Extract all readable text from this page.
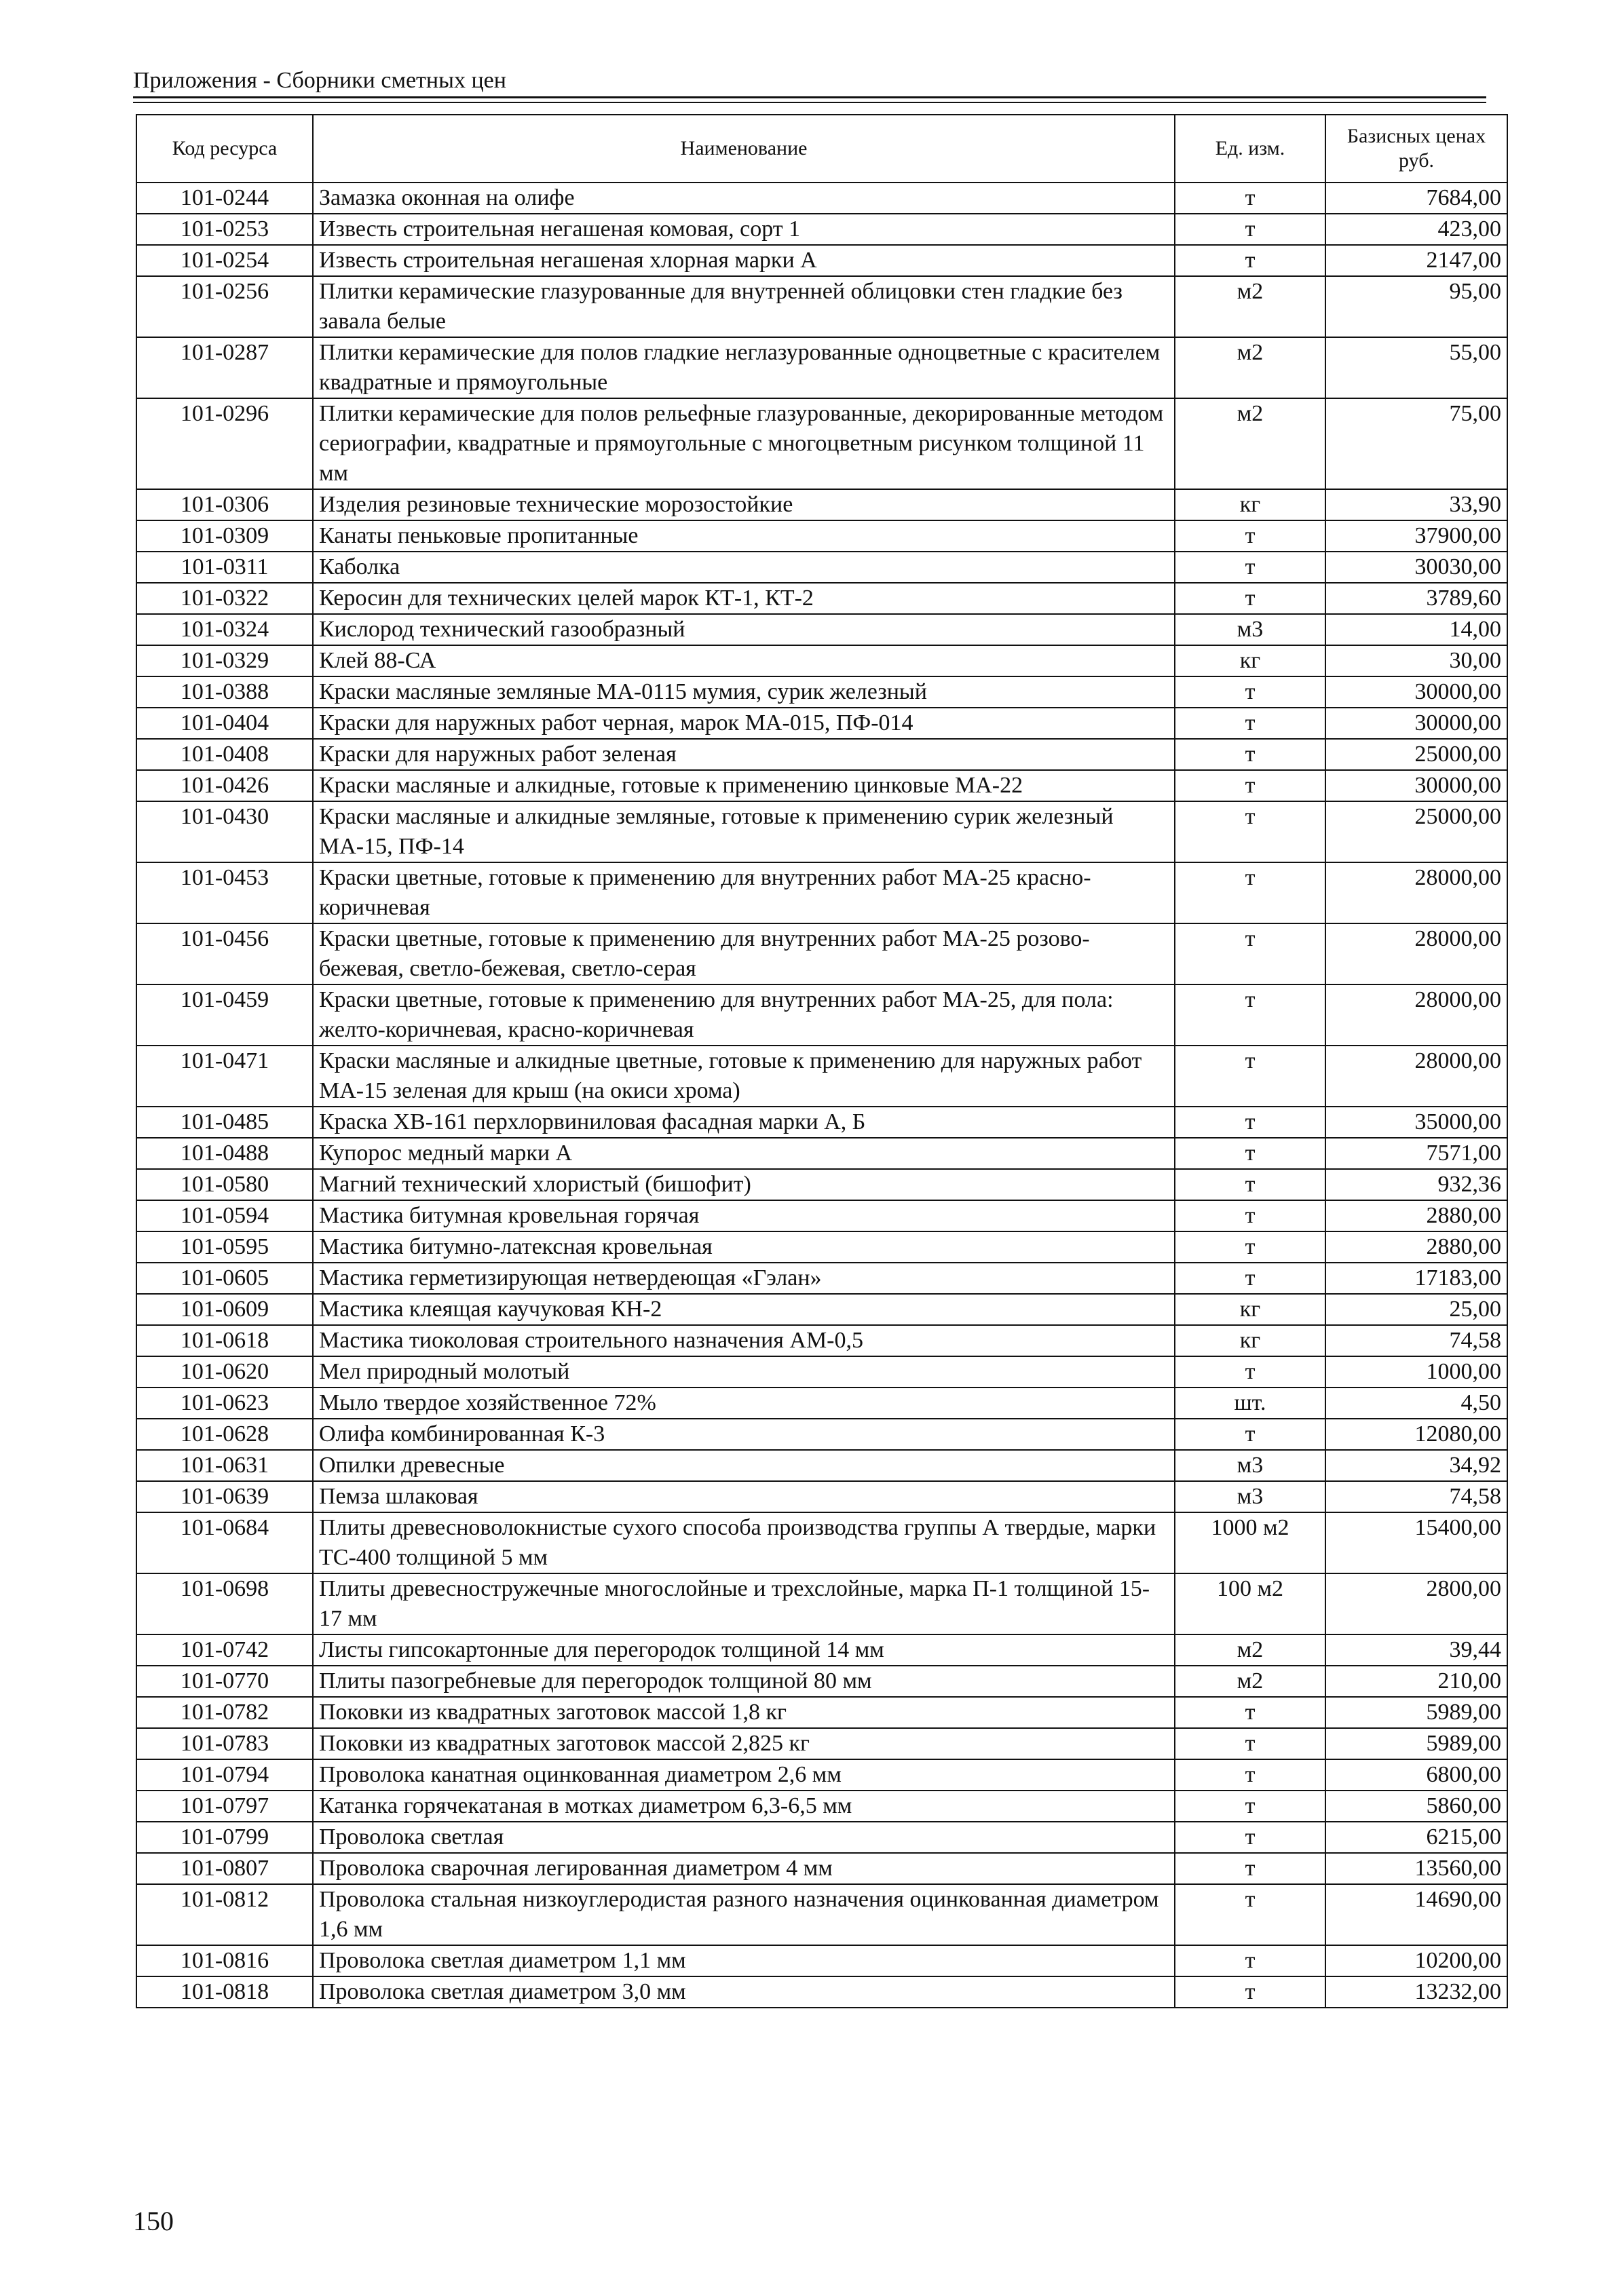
Приложения - Сборники сметных цен
Код ресурса	Наименование	Ед. изм.	Базисных ценах руб.
101-0244	Замазка оконная на олифе	т	7684,00
101-0253	Известь строительная негашеная комовая, сорт 1	т	423,00
101-0254	Известь строительная негашеная хлорная марки А	т	2147,00
101-0256	Плитки керамические глазурованные для внутренней облицовки стен гладкие без завала белые	м2	95,00
101-0287	Плитки керамические для полов гладкие неглазурованные одноцветные с красителем квадратные и прямоугольные	м2	55,00
101-0296	Плитки керамические для полов рельефные глазурованные, декорированные методом сериографии, квадратные и прямоугольные с многоцветным рисунком толщиной 11 мм	м2	75,00
101-0306	Изделия резиновые технические морозостойкие	кг	33,90
101-0309	Канаты пеньковые пропитанные	т	37900,00
101-0311	Каболка	т	30030,00
101-0322	Керосин для технических целей марок КТ-1, КТ-2	т	3789,60
101-0324	Кислород технический газообразный	м3	14,00
101-0329	Клей 88-СА	кг	30,00
101-0388	Краски масляные земляные МА-0115 мумия, сурик железный	т	30000,00
101-0404	Краски для наружных работ черная, марок МА-015, ПФ-014	т	30000,00
101-0408	Краски для наружных работ зеленая	т	25000,00
101-0426	Краски масляные и алкидные, готовые к применению цинковые МА-22	т	30000,00
101-0430	Краски масляные и алкидные земляные, готовые к применению сурик железный МА-15, ПФ-14	т	25000,00
101-0453	Краски цветные, готовые к применению для внутренних работ МА-25 красно-коричневая	т	28000,00
101-0456	Краски цветные, готовые к применению для внутренних работ МА-25 розово-бежевая, светло-бежевая, светло-серая	т	28000,00
101-0459	Краски цветные, готовые к применению для внутренних работ МА-25, для пола: желто-коричневая, красно-коричневая	т	28000,00
101-0471	Краски масляные и алкидные цветные, готовые к применению для наружных работ МА-15 зеленая для крыш (на окиси хрома)	т	28000,00
101-0485	Краска ХВ-161 перхлорвиниловая фасадная марки А, Б	т	35000,00
101-0488	Купорос медный марки А	т	7571,00
101-0580	Магний технический хлористый (бишофит)	т	932,36
101-0594	Мастика битумная кровельная горячая	т	2880,00
101-0595	Мастика битумно-латексная кровельная	т	2880,00
101-0605	Мастика герметизирующая нетвердеющая «Гэлан»	т	17183,00
101-0609	Мастика клеящая каучуковая КН-2	кг	25,00
101-0618	Мастика тиоколовая строительного назначения АМ-0,5	кг	74,58
101-0620	Мел природный молотый	т	1000,00
101-0623	Мыло твердое хозяйственное 72%	шт.	4,50
101-0628	Олифа комбинированная К-3	т	12080,00
101-0631	Опилки древесные	м3	34,92
101-0639	Пемза шлаковая	м3	74,58
101-0684	Плиты древесноволокнистые сухого способа производства группы А твердые, марки ТС-400 толщиной 5 мм	1000 м2	15400,00
101-0698	Плиты древесностружечные многослойные и трехслойные, марка П-1 толщиной 15-17 мм	100 м2	2800,00
101-0742	Листы гипсокартонные для перегородок толщиной 14 мм	м2	39,44
101-0770	Плиты пазогребневые для перегородок толщиной 80 мм	м2	210,00
101-0782	Поковки из квадратных заготовок массой 1,8 кг	т	5989,00
101-0783	Поковки из квадратных заготовок массой 2,825 кг	т	5989,00
101-0794	Проволока канатная оцинкованная диаметром 2,6 мм	т	6800,00
101-0797	Катанка горячекатаная в мотках диаметром 6,3-6,5 мм	т	5860,00
101-0799	Проволока светлая	т	6215,00
101-0807	Проволока сварочная легированная диаметром 4 мм	т	13560,00
101-0812	Проволока стальная низкоуглеродистая разного назначения оцинкованная диаметром 1,6 мм	т	14690,00
101-0816	Проволока светлая диаметром 1,1 мм	т	10200,00
101-0818	Проволока светлая диаметром 3,0 мм	т	13232,00
150
